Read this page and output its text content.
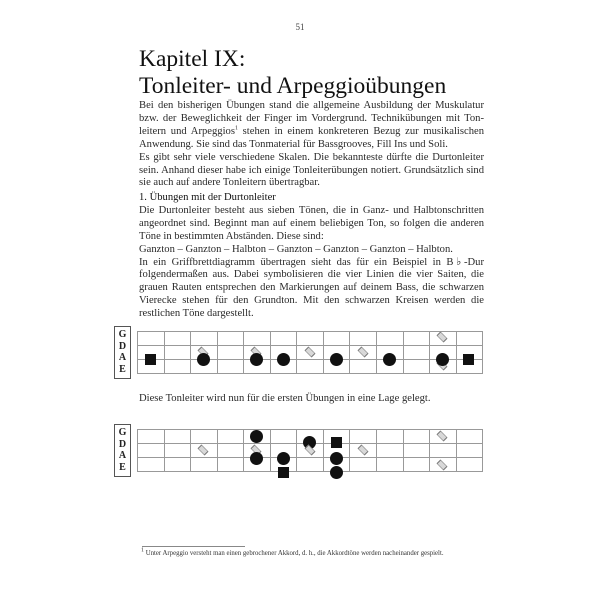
51
Kapitel IX:
Tonleiter- und Arpeggioübungen
Bei den bisherigen Übungen stand die allgemeine Ausbildung der Muskulatur
bzw. der Beweglichkeit der Finger im Vordergrund. Technikübungen mit Ton-
leitern und Arpeggios$^1$ stehen in einem konkreteren Bezug zur musikalischen
Anwendung. Sie sind das Tonmaterial für Bassgrooves, Fill Ins und Soli.
Es gibt sehr viele verschiedene Skalen. Die bekannteste dürfte die Durtonleiter
sein. Anhand dieser habe ich einige Tonleiterübungen notiert. Grundsätzlich sind
sie auch auf andere Tonleitern übertragbar.
1. Übungen mit der Durtonleiter
Die Durtonleiter besteht aus sieben Tönen, die in Ganz- und Halbtonschritten
angeordnet sind. Beginnt man auf einem beliebigen Ton, so folgen die anderen
Töne in bestimmten Abständen. Diese sind:
Ganzton – Ganzton – Halbton – Ganzton – Ganzton – Ganzton – Halbton.
In ein Griffbrettdiagramm übertragen sieht das für ein Beispiel in B♭-Dur
folgendermaßen aus. Dabei symbolisieren die vier Linien die vier Saiten, die
grauen Rauten entsprechen den Markierungen auf deinem Bass, die schwarzen
Vierecke stehen für den Grundton. Mit den schwarzen Kreisen werden die
restlichen Töne dargestellt.
G
D
A
E
Diese Tonleiter wird nun für die ersten Übungen in eine Lage gelegt.
G
D
A
E
$^1$ Unter Arpeggio versteht man einen gebrochener Akkord, d. h., die Akkordtöne werden nacheinander gespielt.
